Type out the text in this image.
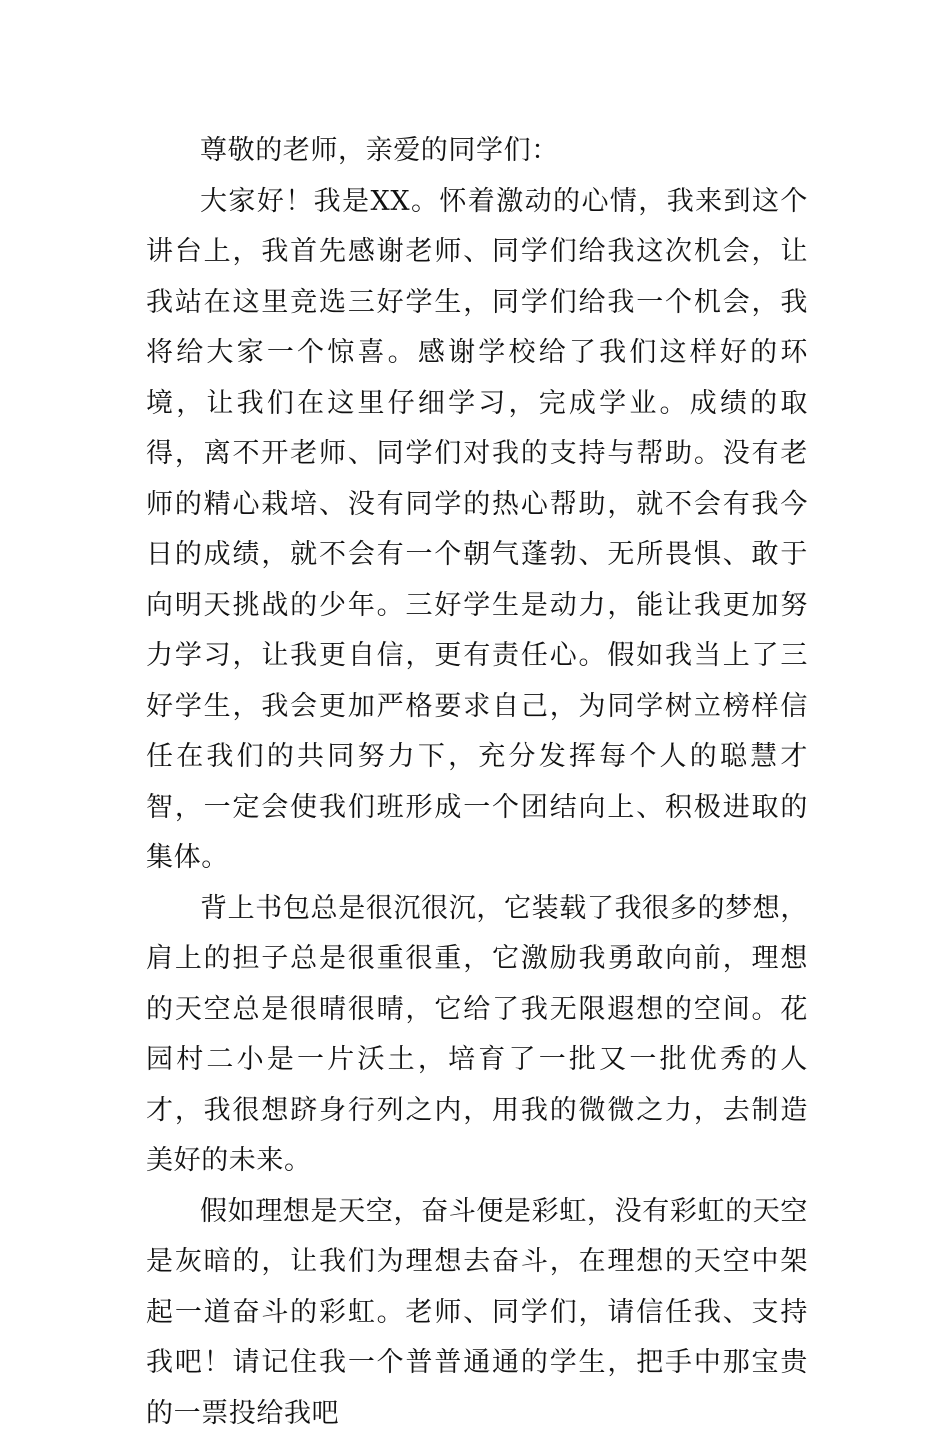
尊敬的老师，亲爱的同学们：

大家好！我是XX。怀着激动的心情，我来到这个讲台上，我首先感谢老师、同学们给我这次机会，让我站在这里竞选三好学生，同学们给我一个机会，我将给大家一个惊喜。感谢学校给了我们这样好的环境，让我们在这里仔细学习，完成学业。成绩的取得，离不开老师、同学们对我的支持与帮助。没有老师的精心栽培、没有同学的热心帮助，就不会有我今日的成绩，就不会有一个朝气蓬勃、无所畏惧、敢于向明天挑战的少年。三好学生是动力，能让我更加努力学习，让我更自信，更有责任心。假如我当上了三好学生，我会更加严格要求自己，为同学树立榜样信任在我们的共同努力下，充分发挥每个人的聪慧才智，一定会使我们班形成一个团结向上、积极进取的集体。

背上书包总是很沉很沉，它装载了我很多的梦想，肩上的担子总是很重很重，它激励我勇敢向前，理想的天空总是很晴很晴，它给了我无限遐想的空间。花园村二小是一片沃土，培育了一批又一批优秀的人才，我很想跻身行列之内，用我的微微之力，去制造美好的未来。

假如理想是天空，奋斗便是彩虹，没有彩虹的天空是灰暗的，让我们为理想去奋斗，在理想的天空中架起一道奋斗的彩虹。老师、同学们，请信任我、支持我吧！请记住我一个普普通通的学生，把手中那宝贵的一票投给我吧
